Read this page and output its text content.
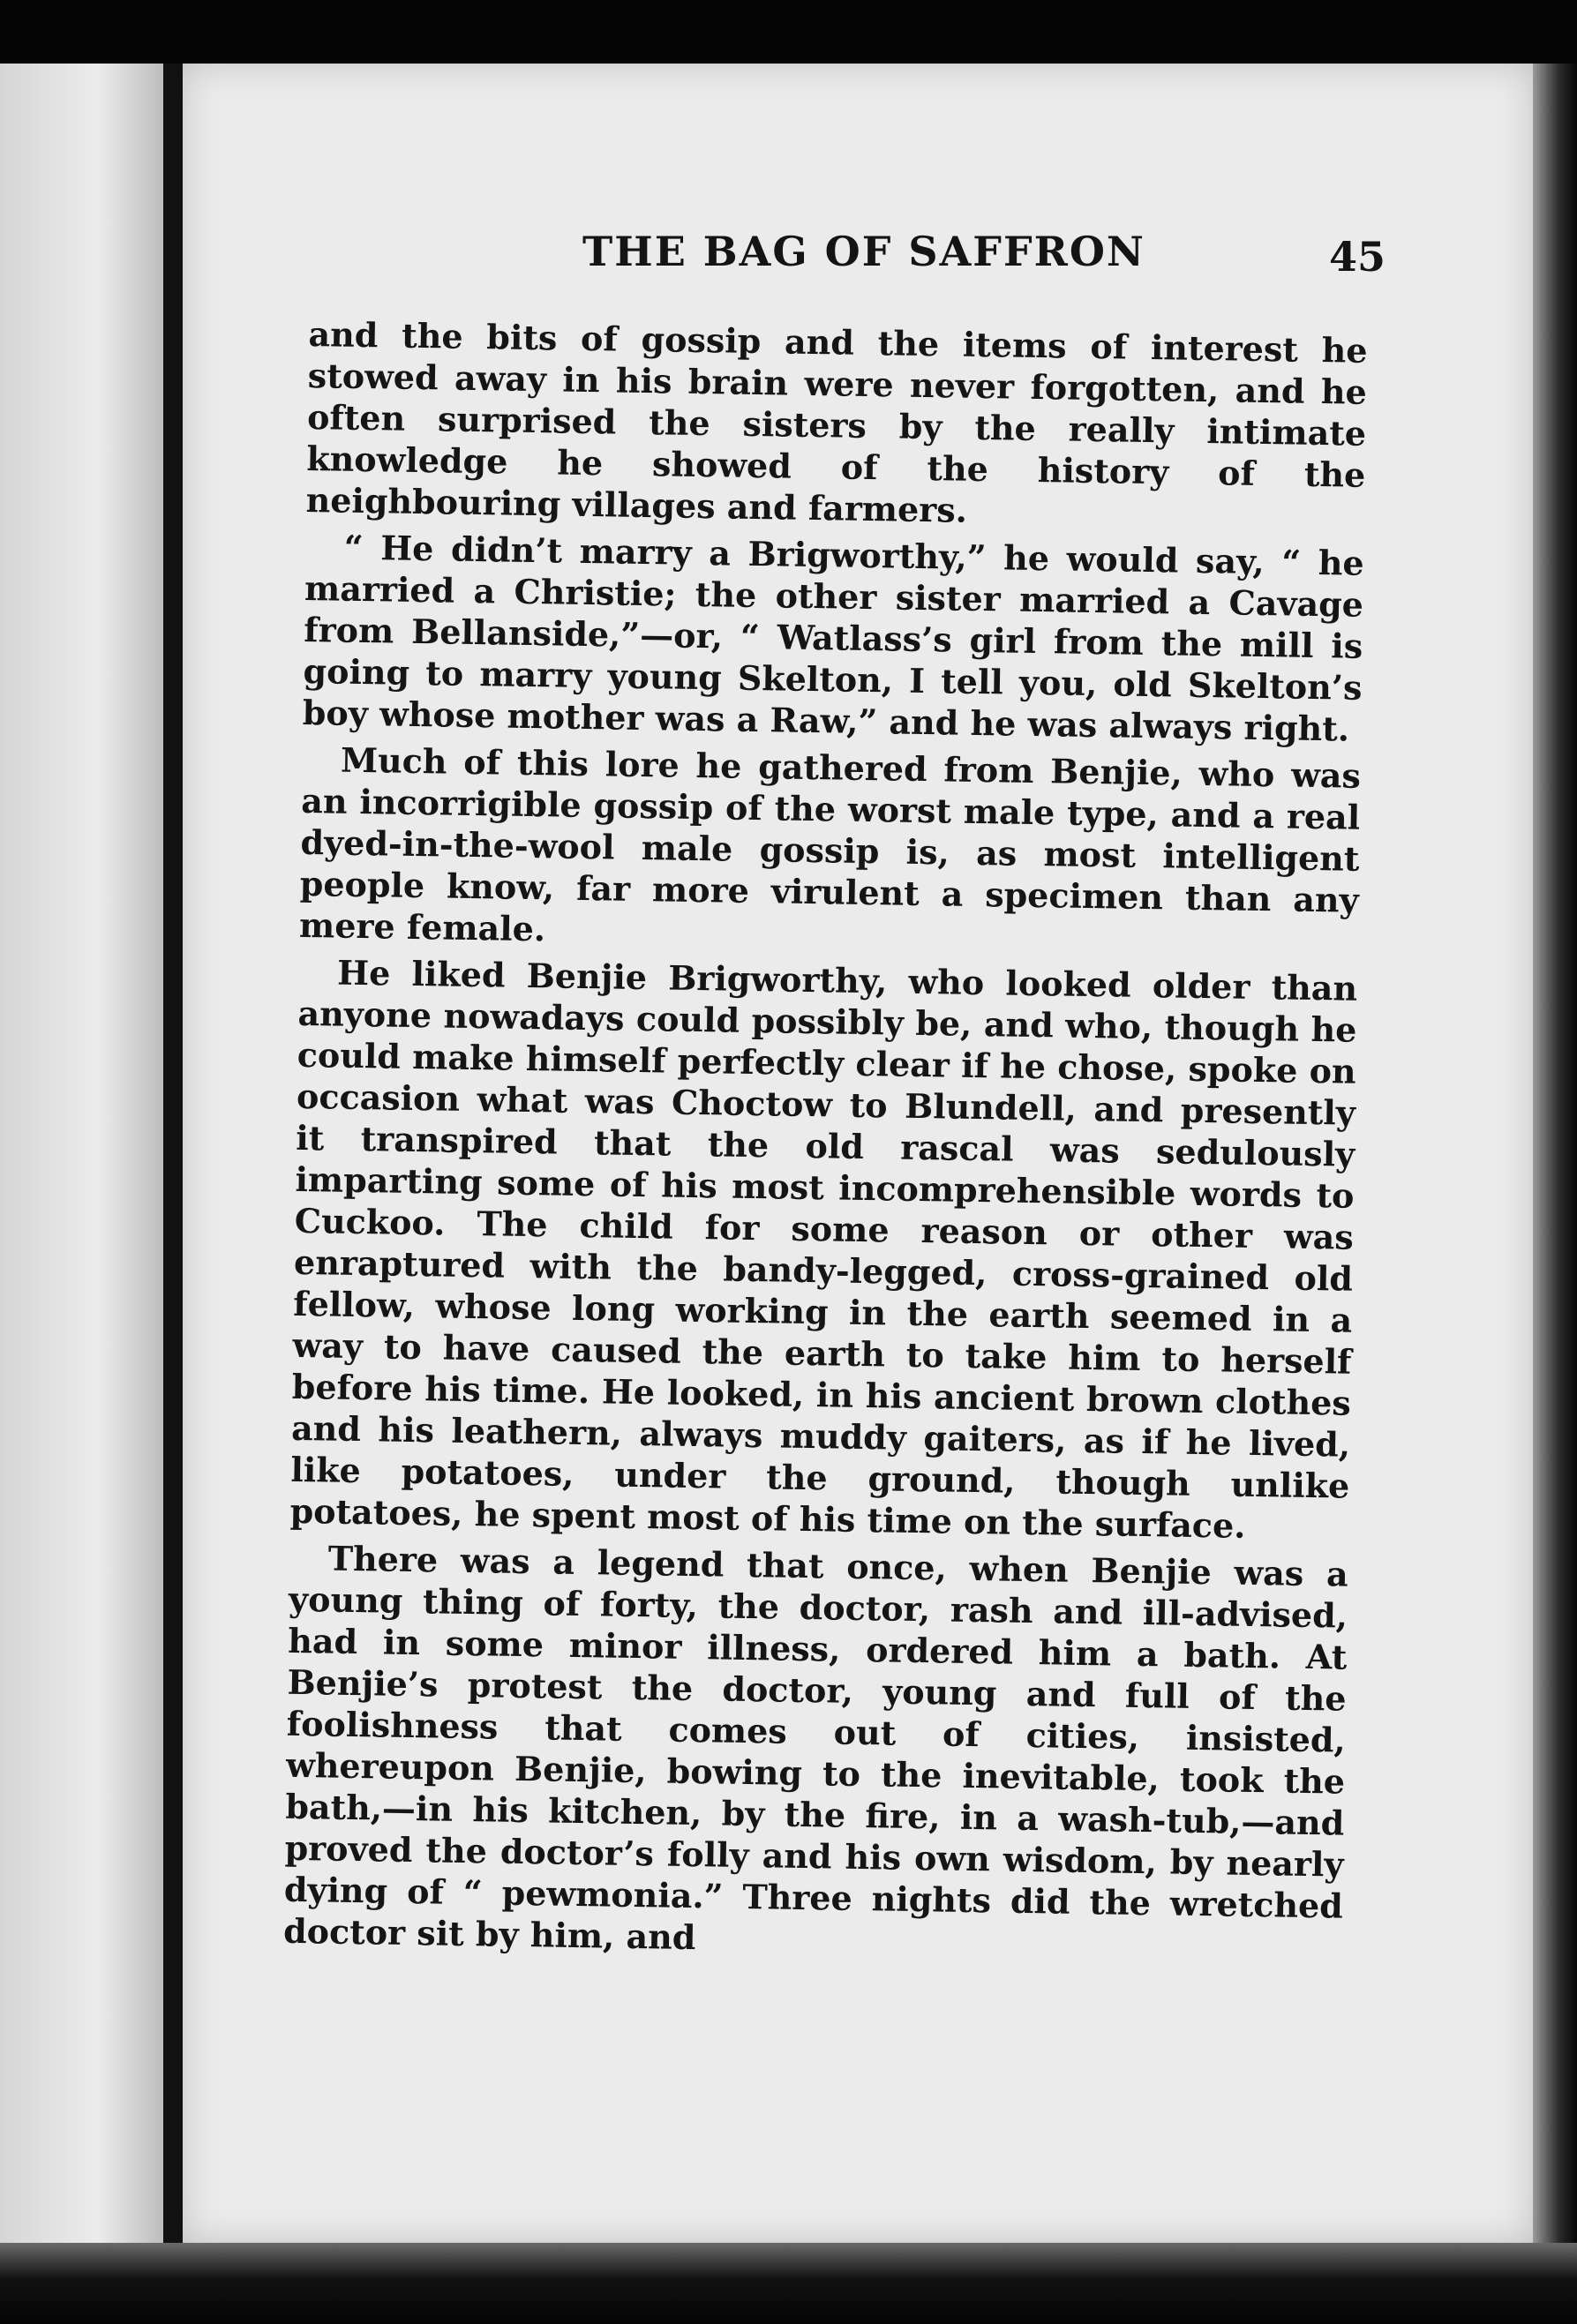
THE BAG OF SAFFRON	45

and the bits of gossip and the items of interest he stowed away in his brain were never forgotten, and he often surprised the sisters by the really intimate knowledge he showed of the history of the neighbouring villages and farmers.

“ He didn’t marry a Brigworthy,” he would say, “ he married a Christie; the other sister married a Cavage from Bellanside,”—or, “ Watlass’s girl from the mill is going to marry young Skelton, I tell you, old Skelton’s boy whose mother was a Raw,” and he was always right.

Much of this lore he gathered from Benjie, who was an incorrigible gossip of the worst male type, and a real dyed-in-the-wool male gossip is, as most intelligent people know, far more virulent a specimen than any mere female.

He liked Benjie Brigworthy, who looked older than anyone nowadays could possibly be, and who, though he could make himself perfectly clear if he chose, spoke on occasion what was Choctow to Blundell, and presently it transpired that the old rascal was sedulously imparting some of his most incomprehensible words to Cuckoo. The child for some reason or other was enraptured with the bandy-legged, cross-grained old fellow, whose long working in the earth seemed in a way to have caused the earth to take him to herself before his time. He looked, in his ancient brown clothes and his leathern, always muddy gaiters, as if he lived, like potatoes, under the ground, though unlike potatoes, he spent most of his time on the surface.

There was a legend that once, when Benjie was a young thing of forty, the doctor, rash and ill-advised, had in some minor illness, ordered him a bath. At Benjie’s protest the doctor, young and full of the foolishness that comes out of cities, insisted, whereupon Benjie, bowing to the inevitable, took the bath,—in his kitchen, by the fire, in a wash-tub,—and proved the doctor’s folly and his own wisdom, by nearly dying of “ pewmonia.” Three nights did the wretched doctor sit by him, and
